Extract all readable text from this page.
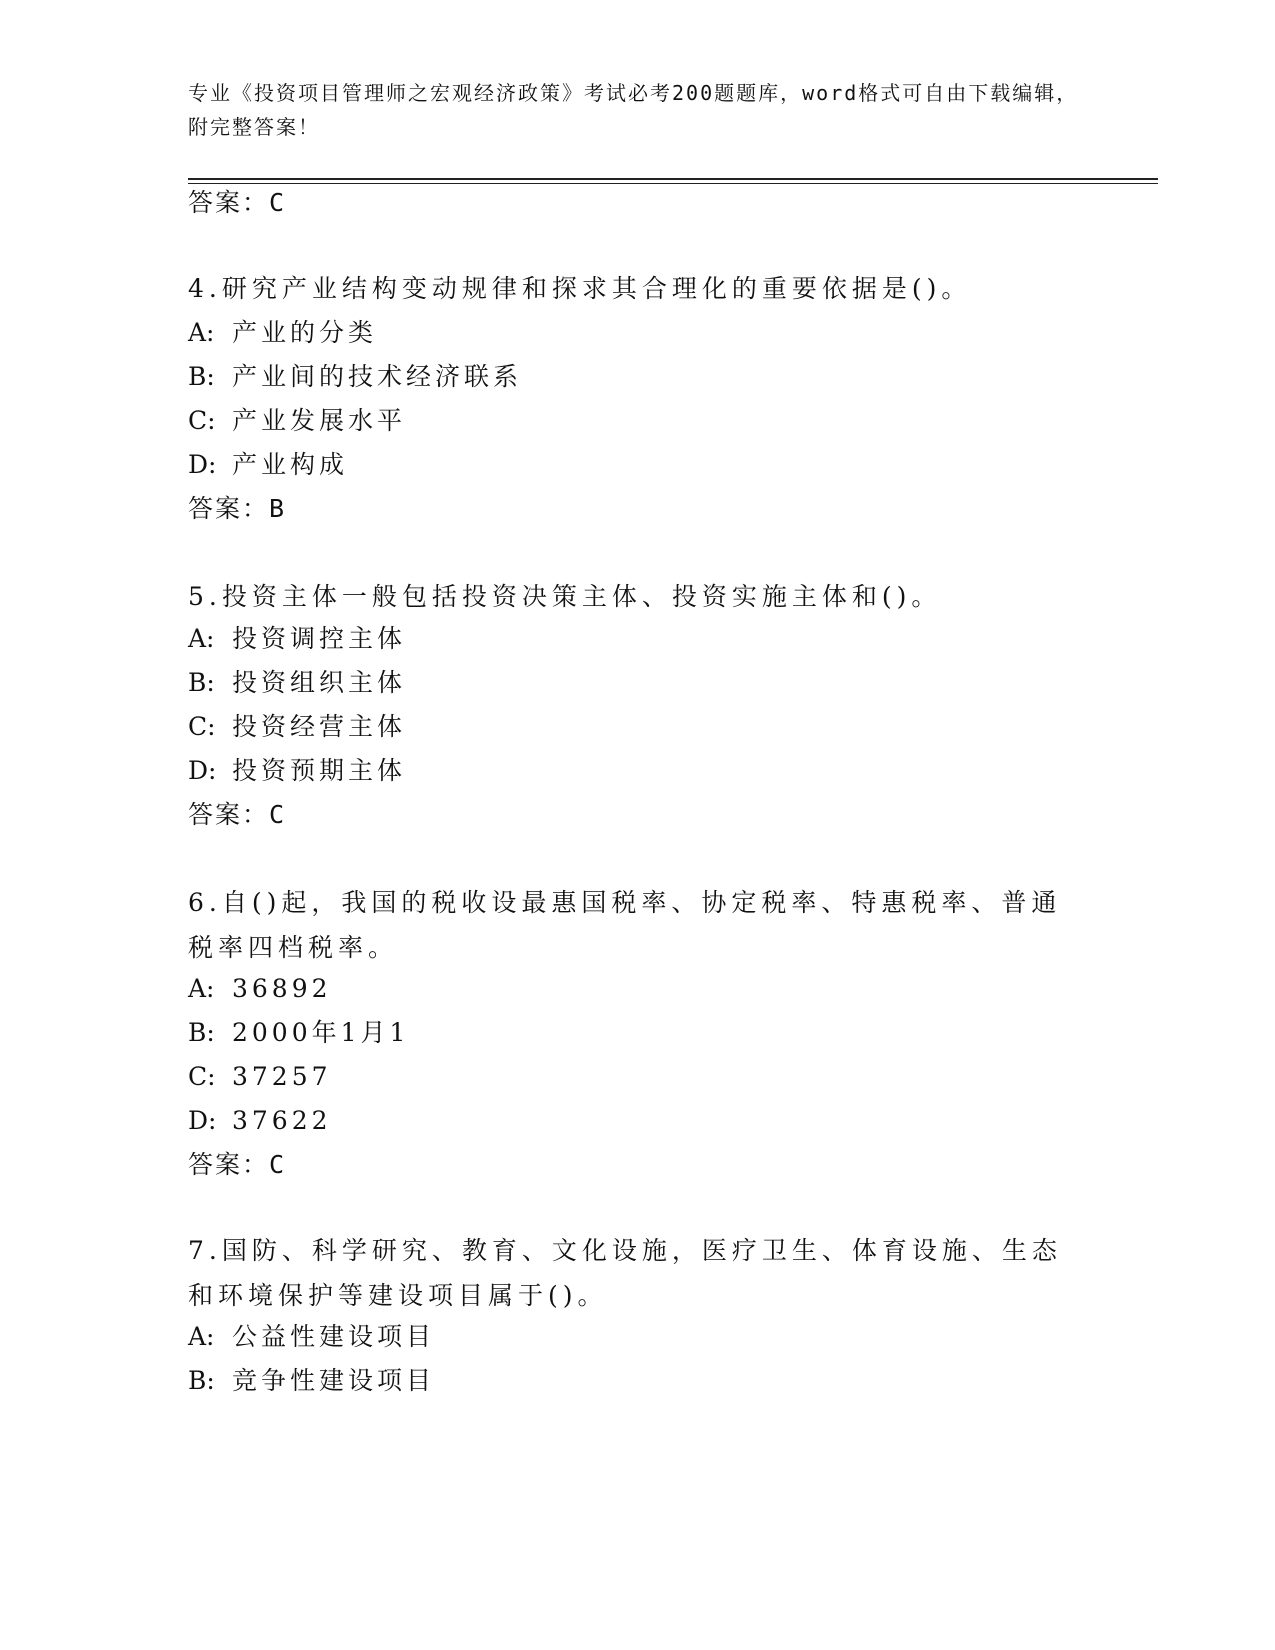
专业《投资项目管理师之宏观经济政策》考试必考200题题库，word格式可自由下载编辑，附完整答案！
答案：C
4.研究产业结构变动规律和探求其合理化的重要依据是()。
A: 产业的分类
B: 产业间的技术经济联系
C: 产业发展水平
D: 产业构成
答案：B
5.投资主体一般包括投资决策主体、投资实施主体和()。
A: 投资调控主体
B: 投资组织主体
C: 投资经营主体
D: 投资预期主体
答案：C
6.自()起，我国的税收设最惠国税率、协定税率、特惠税率、普通税率四档税率。
A: 36892
B: 2000年1月1
C: 37257
D: 37622
答案：C
7.国防、科学研究、教育、文化设施，医疗卫生、体育设施、生态和环境保护等建设项目属于()。
A: 公益性建设项目
B: 竞争性建设项目
